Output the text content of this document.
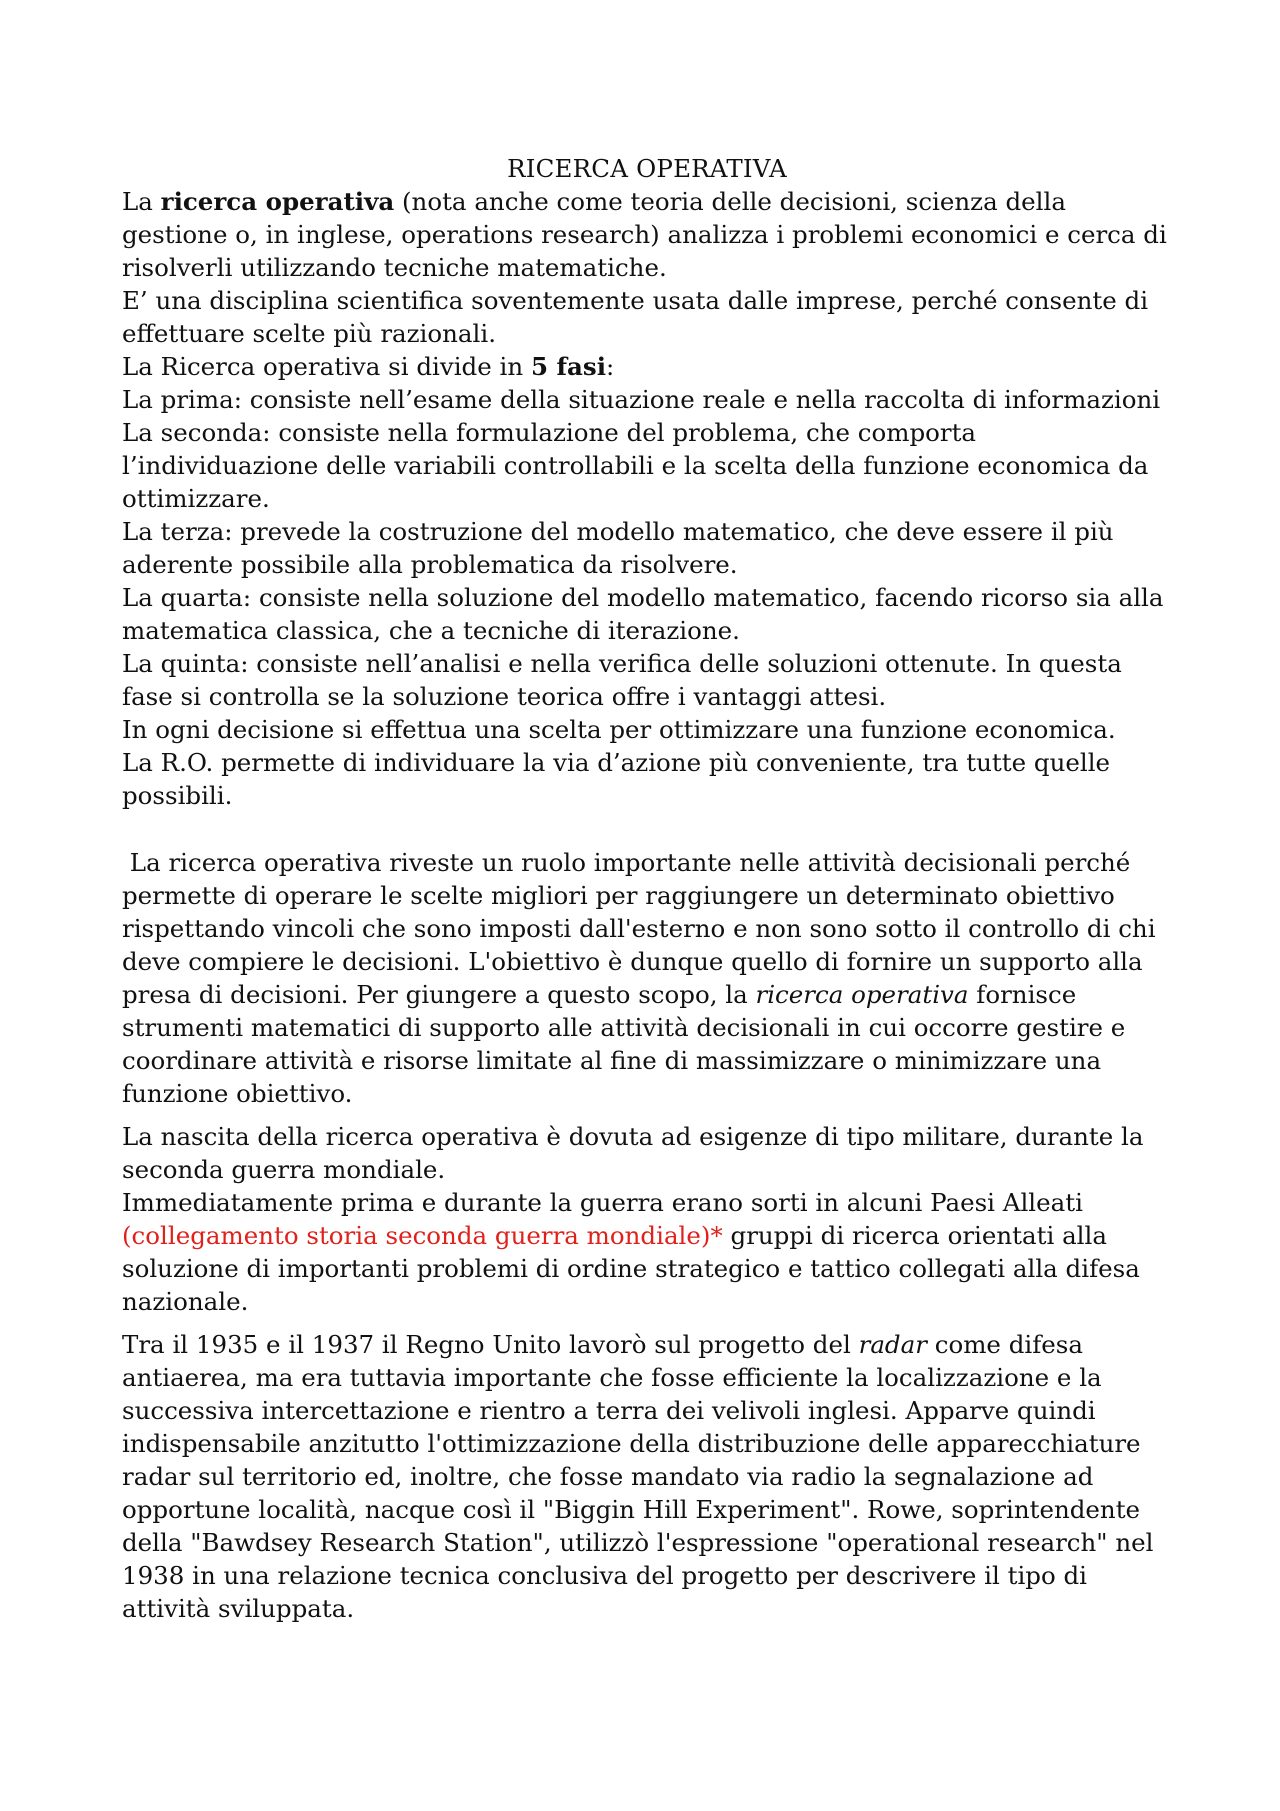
RICERCA OPERATIVA

La ricerca operativa (nota anche come teoria delle decisioni, scienza della gestione o, in inglese, operations research) analizza i problemi economici e cerca di risolverli utilizzando tecniche matematiche.

E’ una disciplina scientifica soventemente usata dalle imprese, perché consente di effettuare scelte più razionali.

La Ricerca operativa si divide in 5 fasi:

La prima: consiste nell’esame della situazione reale e nella raccolta di informazioni

La seconda: consiste nella formulazione del problema, che comporta l’individuazione delle variabili controllabili e la scelta della funzione economica da ottimizzare.

La terza: prevede la costruzione del modello matematico, che deve essere il più aderente possibile alla problematica da risolvere.

La quarta: consiste nella soluzione del modello matematico, facendo ricorso sia alla matematica classica, che a tecniche di iterazione.

La quinta: consiste nell’analisi e nella verifica delle soluzioni ottenute. In questa fase si controlla se la soluzione teorica offre i vantaggi attesi.

In ogni decisione si effettua una scelta per ottimizzare una funzione economica.

La R.O. permette di individuare la via d’azione più conveniente, tra tutte quelle possibili.

La ricerca operativa riveste un ruolo importante nelle attività decisionali perché permette di operare le scelte migliori per raggiungere un determinato obiettivo rispettando vincoli che sono imposti dall'esterno e non sono sotto il controllo di chi deve compiere le decisioni. L'obiettivo è dunque quello di fornire un supporto alla presa di decisioni. Per giungere a questo scopo, la ricerca operativa fornisce strumenti matematici di supporto alle attività decisionali in cui occorre gestire e coordinare attività e risorse limitate al fine di massimizzare o minimizzare una funzione obiettivo.

La nascita della ricerca operativa è dovuta ad esigenze di tipo militare, durante la seconda guerra mondiale.

Immediatamente prima e durante la guerra erano sorti in alcuni Paesi Alleati (collegamento storia seconda guerra mondiale)* gruppi di ricerca orientati alla soluzione di importanti problemi di ordine strategico e tattico collegati alla difesa nazionale.

Tra il 1935 e il 1937 il Regno Unito lavorò sul progetto del radar come difesa antiaerea, ma era tuttavia importante che fosse efficiente la localizzazione e la successiva intercettazione e rientro a terra dei velivoli inglesi. Apparve quindi indispensabile anzitutto l'ottimizzazione della distribuzione delle apparecchiature radar sul territorio ed, inoltre, che fosse mandato via radio la segnalazione ad opportune località, nacque così il "Biggin Hill Experiment". Rowe, soprintendente della "Bawdsey Research Station", utilizzò l'espressione "operational research" nel 1938 in una relazione tecnica conclusiva del progetto per descrivere il tipo di attività sviluppata.
